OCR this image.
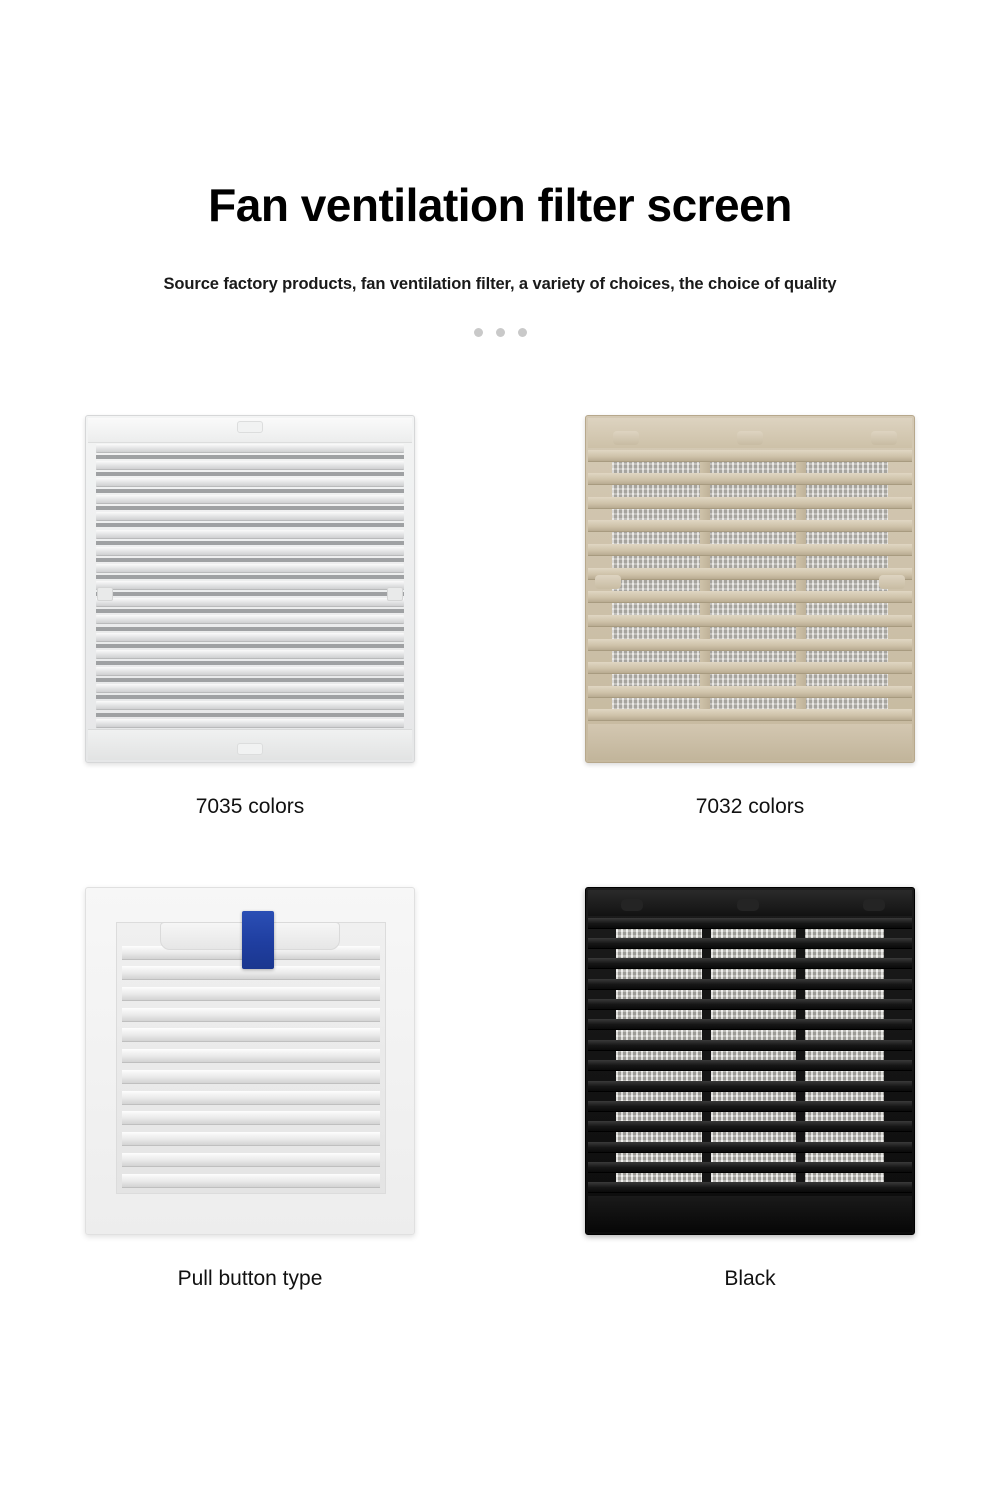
Fan ventilation filter screen

Source factory products, fan ventilation filter, a variety of choices, the choice of quality

7035 colors	7032 colors
Pull button type	Black
